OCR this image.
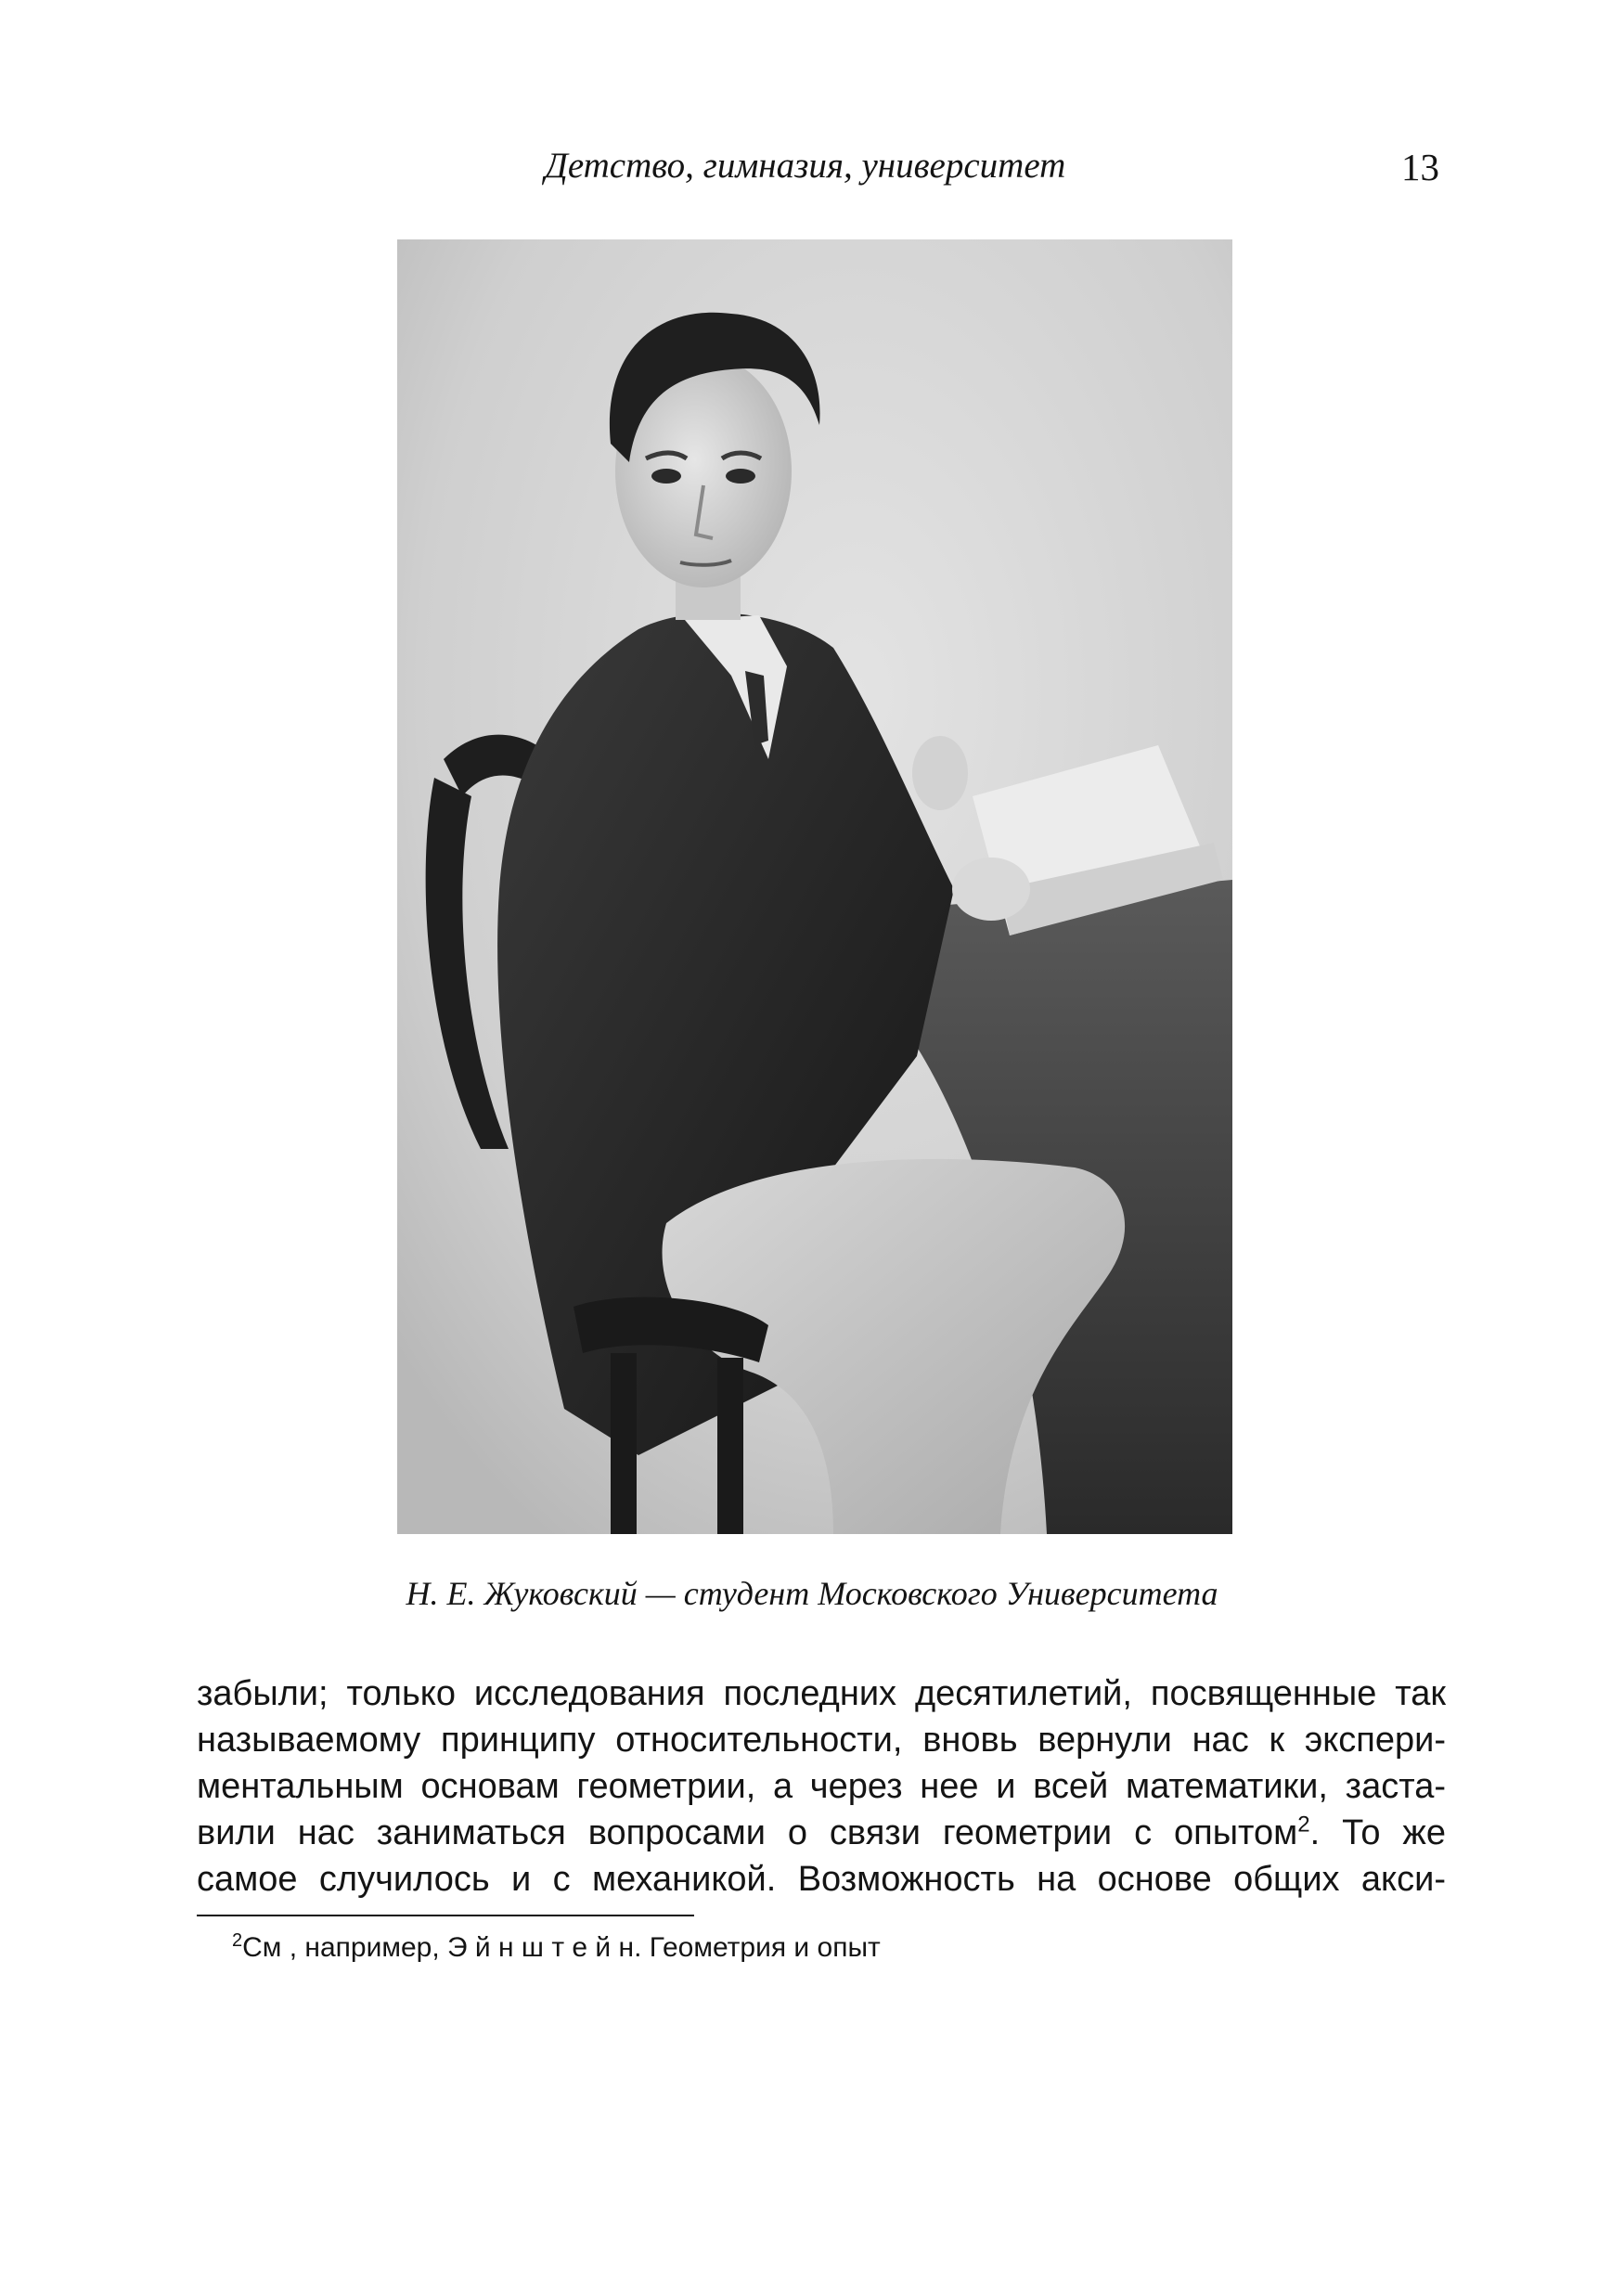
Детство, гимназия, университет	13
Н. Е. Жуковский — студент Московского Университета
забыли; только исследования последних десятилетий, посвященные так
называемому принципу относительности, вновь вернули нас к экспери-
ментальным основам геометрии, а через нее и всей математики, заста-
вили нас заниматься вопросами о связи геометрии с опытом$^2$. То же
самое случилось и с механикой. Возможность на основе общих акси-
$^2$См , например, Э й н ш т е й н. Геометрия и опыт
